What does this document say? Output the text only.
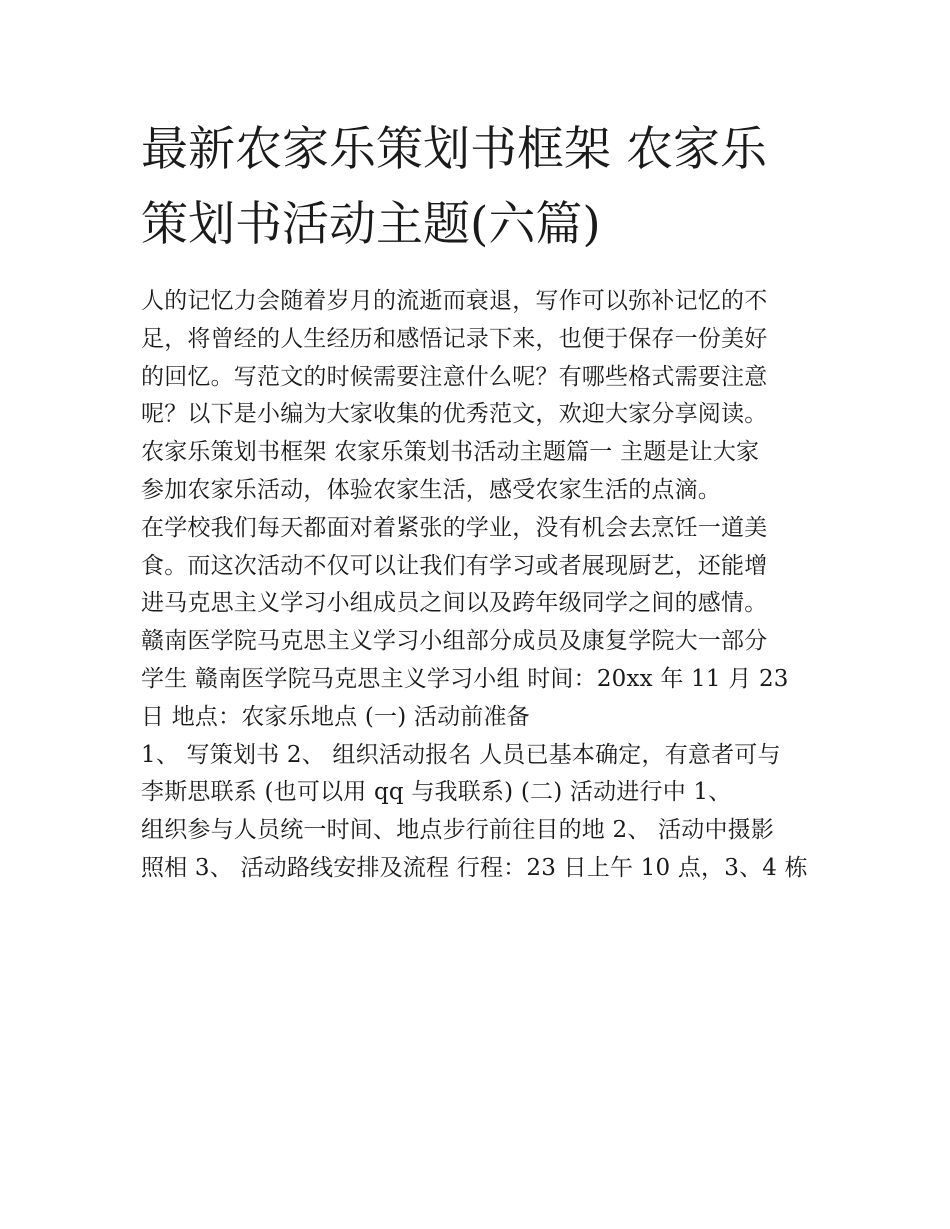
最新农家乐策划书框架 农家乐
策划书活动主题(六篇)
人的记忆力会随着岁月的流逝而衰退，写作可以弥补记忆的不
足，将曾经的人生经历和感悟记录下来，也便于保存一份美好
的回忆。写范文的时候需要注意什么呢？有哪些格式需要注意
呢？以下是小编为大家收集的优秀范文，欢迎大家分享阅读。
农家乐策划书框架 农家乐策划书活动主题篇一 主题是让大家
参加农家乐活动，体验农家生活，感受农家生活的点滴。
在学校我们每天都面对着紧张的学业，没有机会去烹饪一道美
食。而这次活动不仅可以让我们有学习或者展现厨艺，还能增
进马克思主义学习小组成员之间以及跨年级同学之间的感情。
赣南医学院马克思主义学习小组部分成员及康复学院大一部分
学生 赣南医学院马克思主义学习小组 时间：20xx 年 11 月 23
日 地点：农家乐地点 (一) 活动前准备
1、 写策划书 2、 组织活动报名 人员已基本确定，有意者可与
李斯思联系 (也可以用 qq 与我联系) (二) 活动进行中 1、
组织参与人员统一时间、地点步行前往目的地 2、 活动中摄影
照相 3、 活动路线安排及流程 行程：23 日上午 10 点，3、4 栋
